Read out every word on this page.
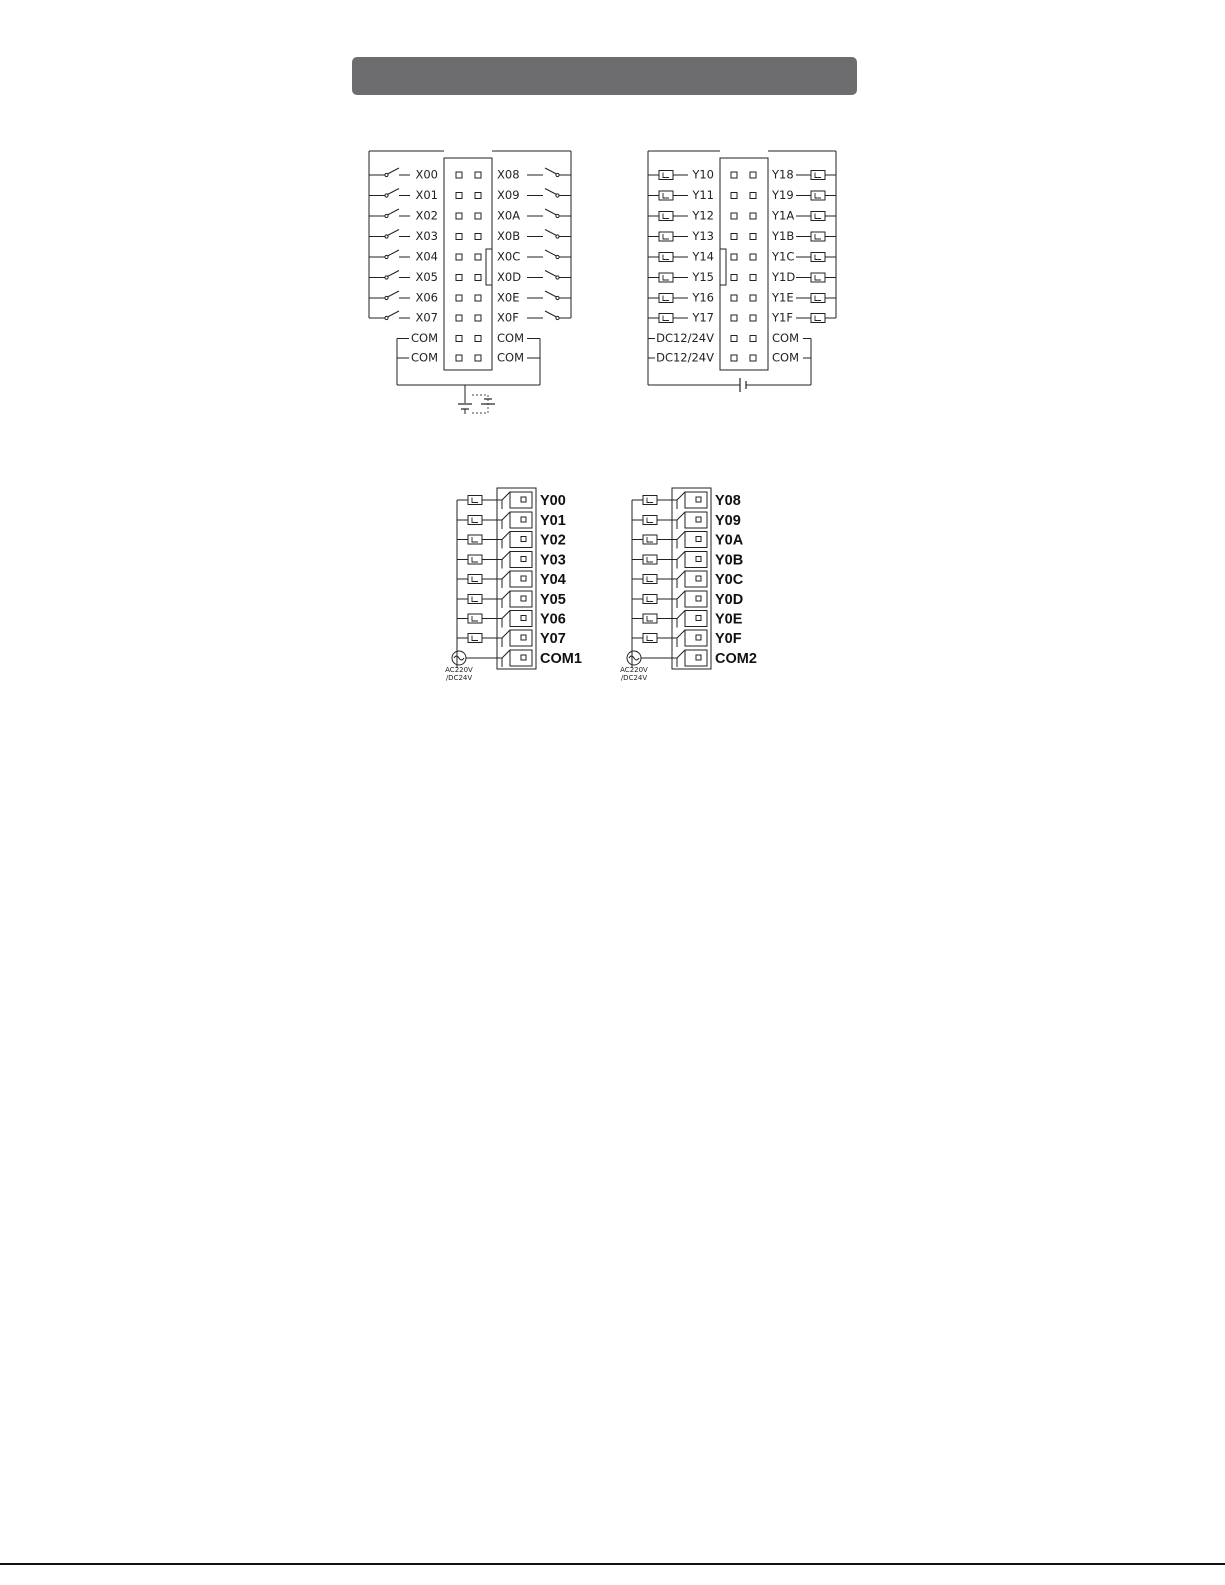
X00	X08
X01	X09
X02	X0A
X03	X0B
X04	X0C
X05	X0D
X06	X0E
X07	X0F
COM	COM
COM	COM
Y10	Y18
Y11	Y19
Y12	Y1A
Y13	Y1B
Y14	Y1C
Y15	Y1D
Y16	Y1E
Y17	Y1F
DC12/24V	COM
DC12/24V	COM
Y00
Y01
Y02
Y03
Y04
Y05
Y06
Y07
COM1
AC220V
/DC24V
Y08
Y09
Y0A
Y0B
Y0C
Y0D
Y0E
Y0F
COM2
AC220V
/DC24V
